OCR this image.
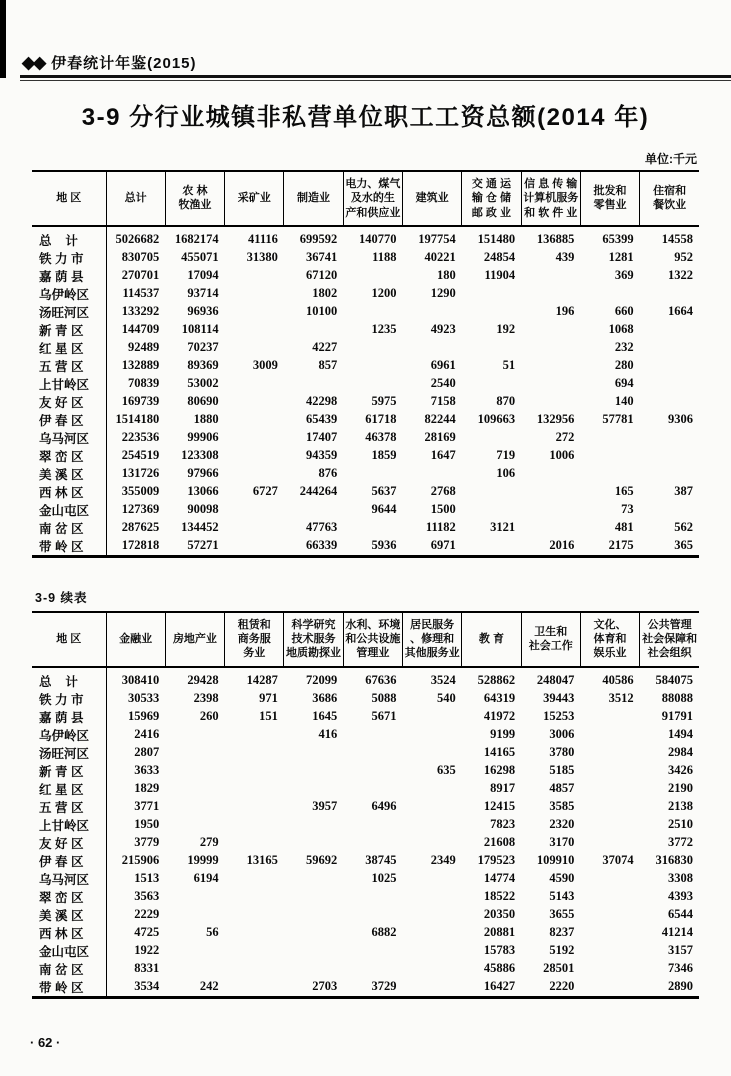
◆◆ 伊春统计年鉴(2015)
3-9 分行业城镇非私营单位职工工资总额(2014 年)
单位:千元
地 区	总计	农 林
牧渔业	采矿业	制造业	电力、煤气
及水的生
产和供应业	建筑业	交 通 运
输 仓 储
邮 政 业	信 息 传 输
计算机服务
和 软 件 业	批发和
零售业	住宿和
餐饮业
总    计	5026682	1682174	41116	699592	140770	197754	151480	136885	65399	14558
铁 力 市	830705	455071	31380	36741	1188	40221	24854	439	1281	952
嘉 荫 县	270701	17094		67120		180	11904		369	1322
乌伊岭区	114537	93714		1802	1200	1290				
汤旺河区	133292	96936		10100				196	660	1664
新 青 区	144709	108114			1235	4923	192		1068	
红 星 区	92489	70237		4227					232	
五 营 区	132889	89369	3009	857		6961	51		280	
上甘岭区	70839	53002				2540			694	
友 好 区	169739	80690		42298	5975	7158	870		140	
伊 春 区	1514180	1880		65439	61718	82244	109663	132956	57781	9306
乌马河区	223536	99906		17407	46378	28169		272		
翠 峦 区	254519	123308		94359	1859	1647	719	1006		
美 溪 区	131726	97966		876			106			
西 林 区	355009	13066	6727	244264	5637	2768			165	387
金山屯区	127369	90098			9644	1500			73	
南 岔 区	287625	134452		47763		11182	3121		481	562
带 岭 区	172818	57271		66339	5936	6971		2016	2175	365
3-9 续表
地 区	金融业	房地产业	租赁和
商务服
务业	科学研究
技术服务
地质勘探业	水利、环境
和公共设施
管理业	居民服务
、修理和
其他服务业	教 育	卫生和
社会工作	文化、
体育和
娱乐业	公共管理
社会保障和
社会组织
总    计	308410	29428	14287	72099	67636	3524	528862	248047	40586	584075
铁 力 市	30533	2398	971	3686	5088	540	64319	39443	3512	88088
嘉 荫 县	15969	260	151	1645	5671		41972	15253		91791
乌伊岭区	2416			416			9199	3006		1494
汤旺河区	2807						14165	3780		2984
新 青 区	3633					635	16298	5185		3426
红 星 区	1829						8917	4857		2190
五 营 区	3771			3957	6496		12415	3585		2138
上甘岭区	1950						7823	2320		2510
友 好 区	3779	279					21608	3170		3772
伊 春 区	215906	19999	13165	59692	38745	2349	179523	109910	37074	316830
乌马河区	1513	6194			1025		14774	4590		3308
翠 峦 区	3563						18522	5143		4393
美 溪 区	2229						20350	3655		6544
西 林 区	4725	56			6882		20881	8237		41214
金山屯区	1922						15783	5192		3157
南 岔 区	8331						45886	28501		7346
带 岭 区	3534	242		2703	3729		16427	2220		2890
· 62 ·
